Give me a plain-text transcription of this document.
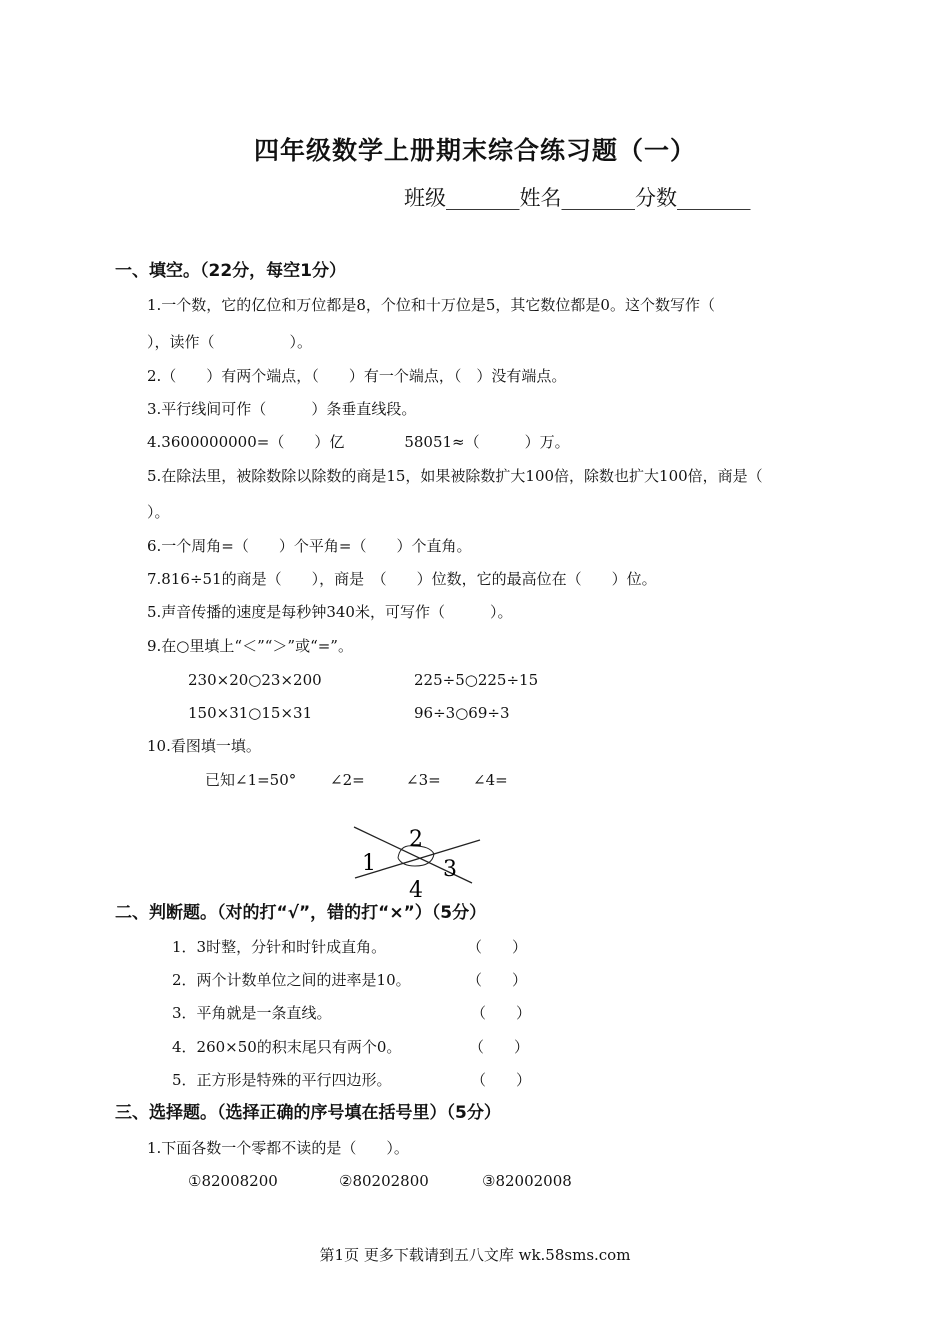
四年级数学上册期末综合练习题（一）
班级_______姓名_______分数_______
一、填空。（22分，每空1分）
1.一个数，它的亿位和万位都是8，个位和十万位是5，其它数位都是0。这个数写作（
），读作（　　　　　）。
2.（　　）有两个端点，（　　）有一个端点，（　）没有端点。
3.平行线间可作（　　　）条垂直线段。
4.3600000000=（　　）亿　　　　58051≈（　　　）万。
5.在除法里，被除数除以除数的商是15，如果被除数扩大100倍，除数也扩大100倍，商是（
）。
6.一个周角=（　　）个平角=（　　）个直角。
7.816÷51的商是（　　），商是　（　　）位数，它的最高位在（　　）位。
5.声音传播的速度是每秒钟340米，可写作（　　　）。
9.在○里填上“＜”“＞”或“=”。
230×20○23×200	225÷5○225÷15
150×31○15×31	96÷3○69÷3
10.看图填一填。
已知∠1=50° ∠2=	∠3= ∠4=
1
2
3
4
二、判断题。（对的打“√”，错的打“×”）（5分）
1．3时整，分针和时针成直角。	（　　）
2．两个计数单位之间的进率是10。	（　　）
3．平角就是一条直线。	（　　）
4．260×50的积末尾只有两个0。	（　　）
5．正方形是特殊的平行四边形。	（　　）
三、选择题。（选择正确的序号填在括号里）（5分）
1.下面各数一个零都不读的是（　　）。
①82008200	②80202800	③82002008
第1页 更多下载请到五八文库 wk.58sms.com
